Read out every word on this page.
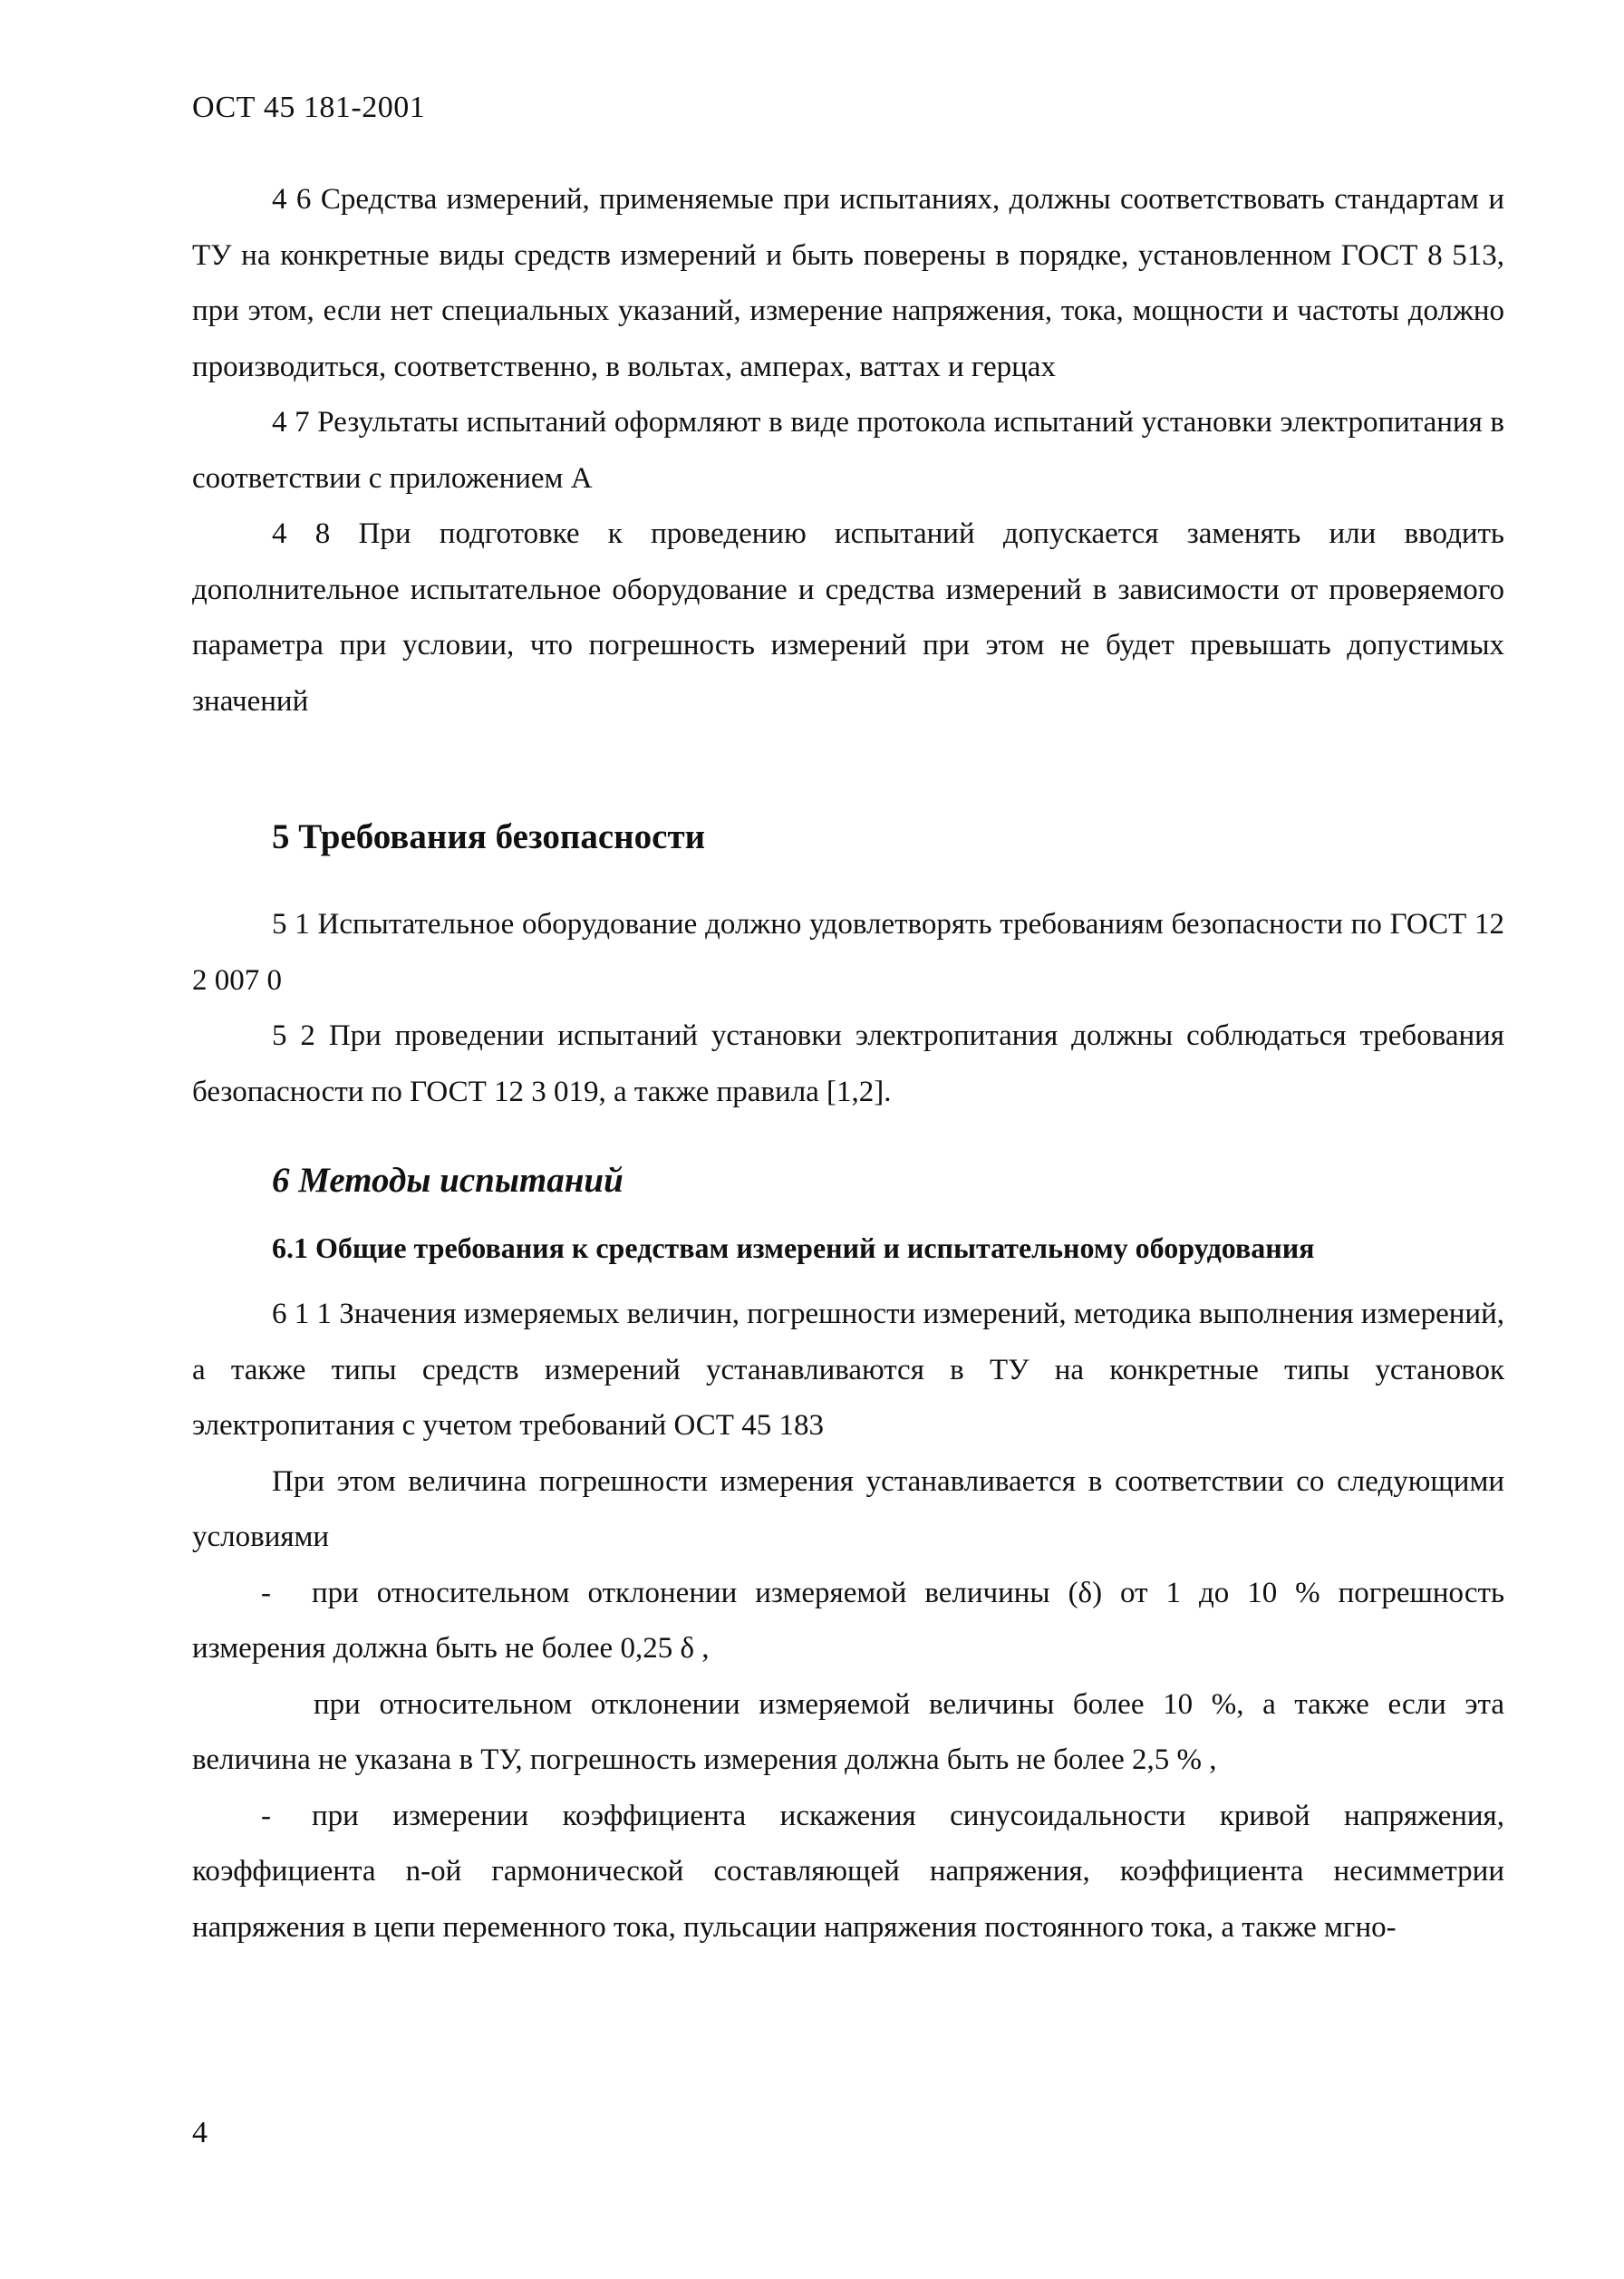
ОСТ 45 181-2001

4 6 Средства измерений, применяемые при испытаниях, должны соответствовать стандартам и ТУ на конкретные виды средств измерений и быть поверены в порядке, установленном ГОСТ 8 513, при этом, если нет специальных указаний, измерение напряжения, тока, мощности и частоты должно производиться, соответственно, в вольтах, амперах, ваттах и герцах

4 7 Результаты испытаний оформляют в виде протокола испытаний установки электропитания в соответствии с приложением А

4 8 При подготовке к проведению испытаний допускается заменять или вводить дополнительное испытательное оборудование и средства измерений в зависимости от проверяемого параметра при условии, что погрешность измерений при этом не будет превышать допустимых значений

5 Требования безопасности

5 1 Испытательное оборудование должно удовлетворять требованиям безопасности по ГОСТ 12 2 007 0

5 2 При проведении испытаний установки электропитания должны соблюдаться требования безопасности по ГОСТ 12 3 019, а также правила [1,2].

6 Методы испытаний
6.1 Общие требования к средствам измерений и испытательному оборудования

6 1 1 Значения измеряемых величин, погрешности измерений, методика выполнения измерений, а также типы средств измерений устанавливаются в ТУ на конкретные типы установок электропитания с учетом требований ОСТ 45 183

При этом величина погрешности измерения устанавливается в соответствии со следующими условиями

- при относительном отклонении измеряемой величины (δ) от 1 до 10 % погрешность измерения должна быть не более 0,25 δ ,

при относительном отклонении измеряемой величины более 10 %, а также если эта величина не указана в ТУ, погрешность измерения должна быть не более 2,5 % ,

- при измерении коэффициента искажения синусоидальности кривой напряжения, коэффициента n-ой гармонической составляющей напряжения, коэффициента несимметрии напряжения в цепи переменного тока, пульсации напряжения постоянного тока, а также мгно-

4
